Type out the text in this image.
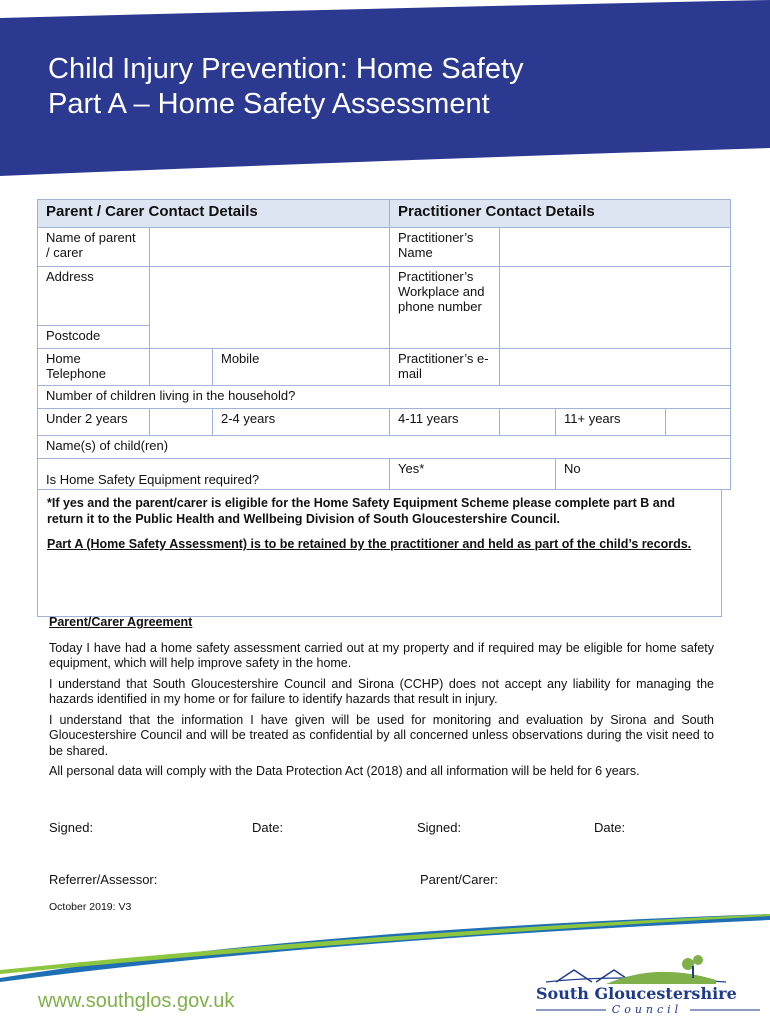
Child Injury Prevention: Home Safety
Part A – Home Safety Assessment
Parent / Carer Contact Details			Practitioner Contact Details			
Name of parent / carer			Practitioner’s Name			
Address			Practitioner’s Workplace and phone number			
Postcode						
Home Telephone		Mobile	Practitioner’s e-mail			
Number of children living in the household?						
Under 2 years		2-4 years	4-11 years		11+ years	
Name(s) of child(ren)						
Is Home Safety Equipment required?			Yes*		No	

*If yes and the parent/carer is eligible for the Home Safety Equipment Scheme please complete part B and return it to the Public Health and Wellbeing Division of South Gloucestershire Council.

Part A (Home Safety Assessment) is to be retained by the practitioner and held as part of the child’s records.

Parent/Carer Agreement

Today I have had a home safety assessment carried out at my property and if required may be eligible for home safety equipment, which will help improve safety in the home.

I understand that South Gloucestershire Council and Sirona (CCHP) does not accept any liability for managing the hazards identified in my home or for failure to identify hazards that result in injury.

I understand that the information I have given will be used for monitoring and evaluation by Sirona and South Gloucestershire Council and will be treated as confidential by all concerned unless observations during the visit need to be shared.

All personal data will comply with the Data Protection Act (2018) and all information will be held for 6 years.

Signed:	Date:	Signed:	Date:
Referrer/Assessor:	Parent/Carer:
October 2019: V3
www.southglos.gov.uk	South Gloucestershire
Council
